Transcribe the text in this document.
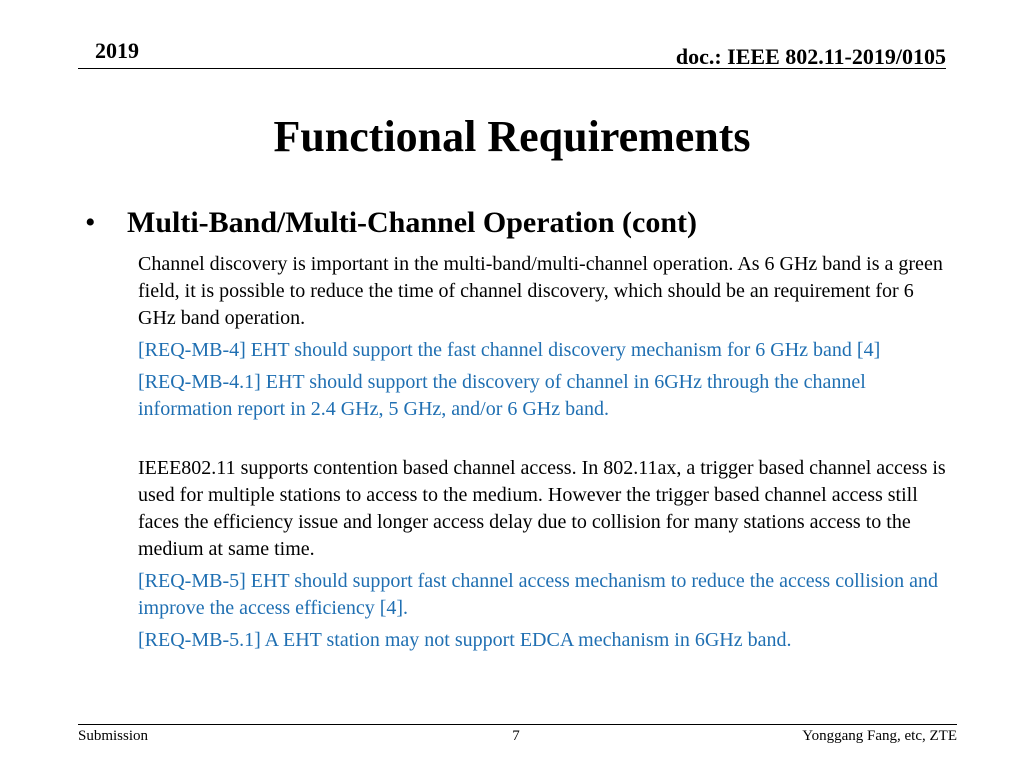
2019	doc.: IEEE 802.11-2019/0105
Functional Requirements
• Multi-Band/Multi-Channel Operation (cont)

Channel discovery is important in the multi-band/multi-channel operation. As 6 GHz band is a green field, it is possible to reduce the time of channel discovery, which should be an requirement for 6 GHz band operation.

[REQ-MB-4] EHT should support the fast channel discovery mechanism for 6 GHz band [4]

[REQ-MB-4.1] EHT should support the discovery of channel in 6GHz through the channel information report in 2.4 GHz, 5 GHz, and/or 6 GHz band.

IEEE802.11 supports contention based channel access. In 802.11ax, a trigger based channel access is used for multiple stations to access to the medium. However the trigger based channel access still faces the efficiency issue and longer access delay due to collision for many stations access to the medium at same time.

[REQ-MB-5] EHT should support fast channel access mechanism to reduce the access collision and improve the access efficiency [4].

[REQ-MB-5.1] A EHT station may not support EDCA mechanism in 6GHz band.

Submission	7	Yonggang Fang, etc, ZTE
